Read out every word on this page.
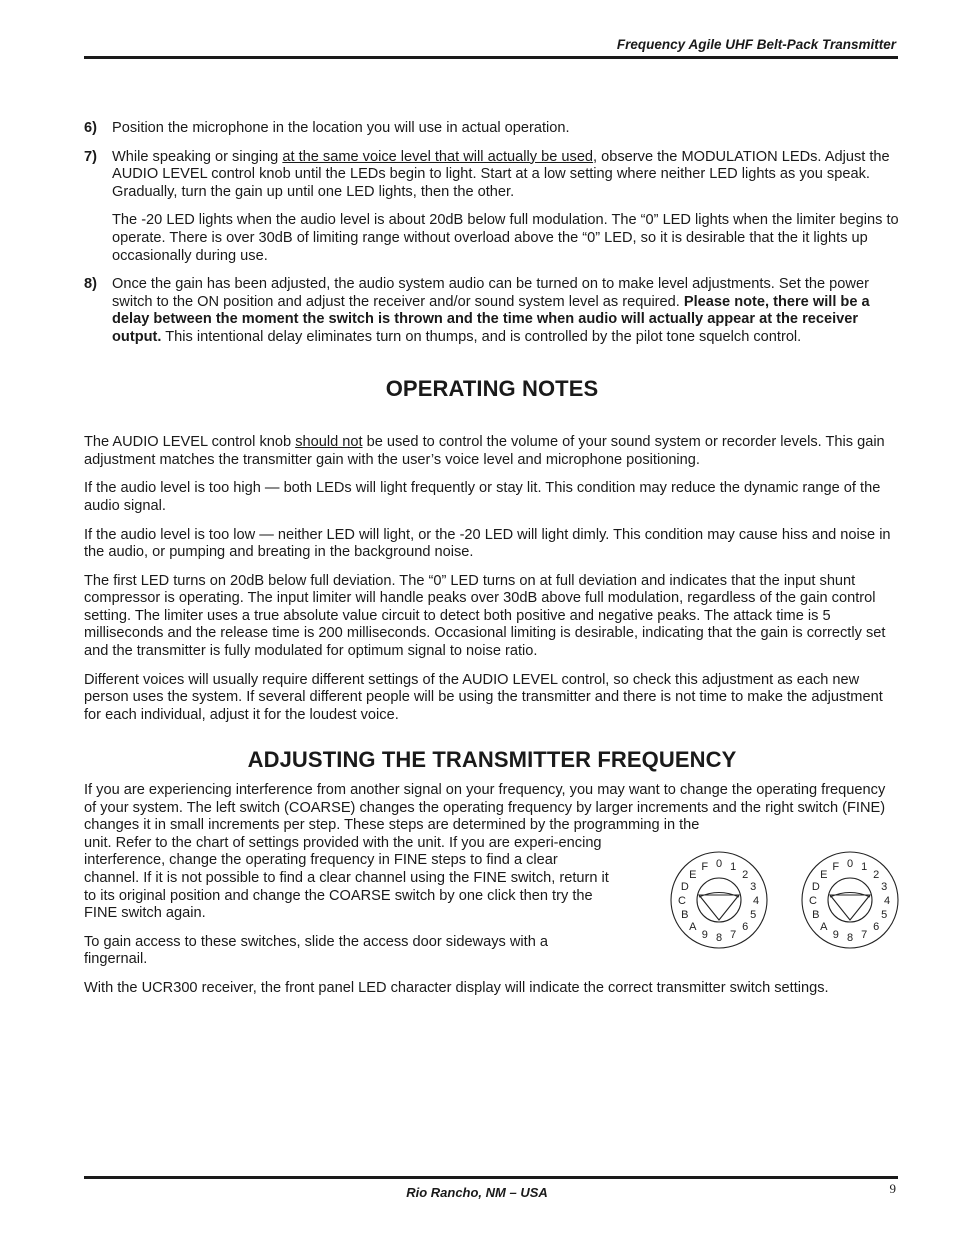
Frequency Agile UHF Belt-Pack Transmitter
6)	Position the microphone in the location you will use in actual operation.
7)	While speaking or singing at the same voice level that will actually be used, observe the MODULATION LEDs. Adjust the AUDIO LEVEL control knob until the LEDs begin to light. Start at a low setting where neither LED lights as you speak. Gradually, turn the gain up until one LED lights, then the other.

The -20 LED lights when the audio level is about 20dB below full modulation. The “0” LED lights when the limiter begins to operate. There is over 30dB of limiting range without overload above the “0” LED, so it is desirable that the it lights up occasionally during use.

8)	Once the gain has been adjusted, the audio system audio can be turned on to make level adjustments. Set the power switch to the ON position and adjust the receiver and/or sound system level as required. Please note, there will be a delay between the moment the switch is thrown and the time when audio will actually appear at the receiver output. This intentional delay eliminates turn on thumps, and is controlled by the pilot tone squelch control.

OPERATING NOTES

The AUDIO LEVEL control knob should not be used to control the volume of your sound system or recorder levels. This gain adjustment matches the transmitter gain with the user’s voice level and microphone positioning.

If the audio level is too high — both LEDs will light frequently or stay lit. This condition may reduce the dynamic range of the audio signal.

If the audio level is too low — neither LED will light, or the -20 LED will light dimly. This condition may cause hiss and noise in the audio, or pumping and breating in the background noise.

The first LED turns on 20dB below full deviation. The “0” LED turns on at full deviation and indicates that the input shunt compressor is operating. The input limiter will handle peaks over 30dB above full modulation, regardless of the gain control setting. The limiter uses a true absolute value circuit to detect both positive and negative peaks. The attack time is 5 milliseconds and the release time is 200 milliseconds. Occasional limiting is desirable, indicating that the gain is correctly set and the transmitter is fully modulated for optimum signal to noise ratio.

Different voices will usually require different settings of the AUDIO LEVEL control, so check this adjustment as each new person uses the system. If several different people will be using the transmitter and there is not time to make the adjustment for each individual, adjust it for the loudest voice.

ADJUSTING THE TRANSMITTER FREQUENCY
If you are experiencing interference from another signal on your frequency, you may want to change the operating frequency of your system. The left switch (COARSE) changes the operating frequency by larger increments and the right switch (FINE) changes it in small increments per step. These steps are determined by the programming in the

unit. Refer to the chart of settings provided with the unit. If you are experi-encing interference, change the operating frequency in FINE steps to find a clear channel. If it is not possible to find a clear channel using the FINE switch, return it to its original position and change the COARSE switch by one click then try the FINE switch again.

To gain access to these switches, slide the access door sideways with a fingernail.

With the UCR300 receiver, the front panel LED character display will indicate the correct transmitter switch settings.

0 1
2
3
4
5
6
7
8
9
A
B
C
D
E
F	0 1
2
3
4
5
6
7
8
9
A
B
C
D
E
F
Rio Rancho, NM – USA	9
